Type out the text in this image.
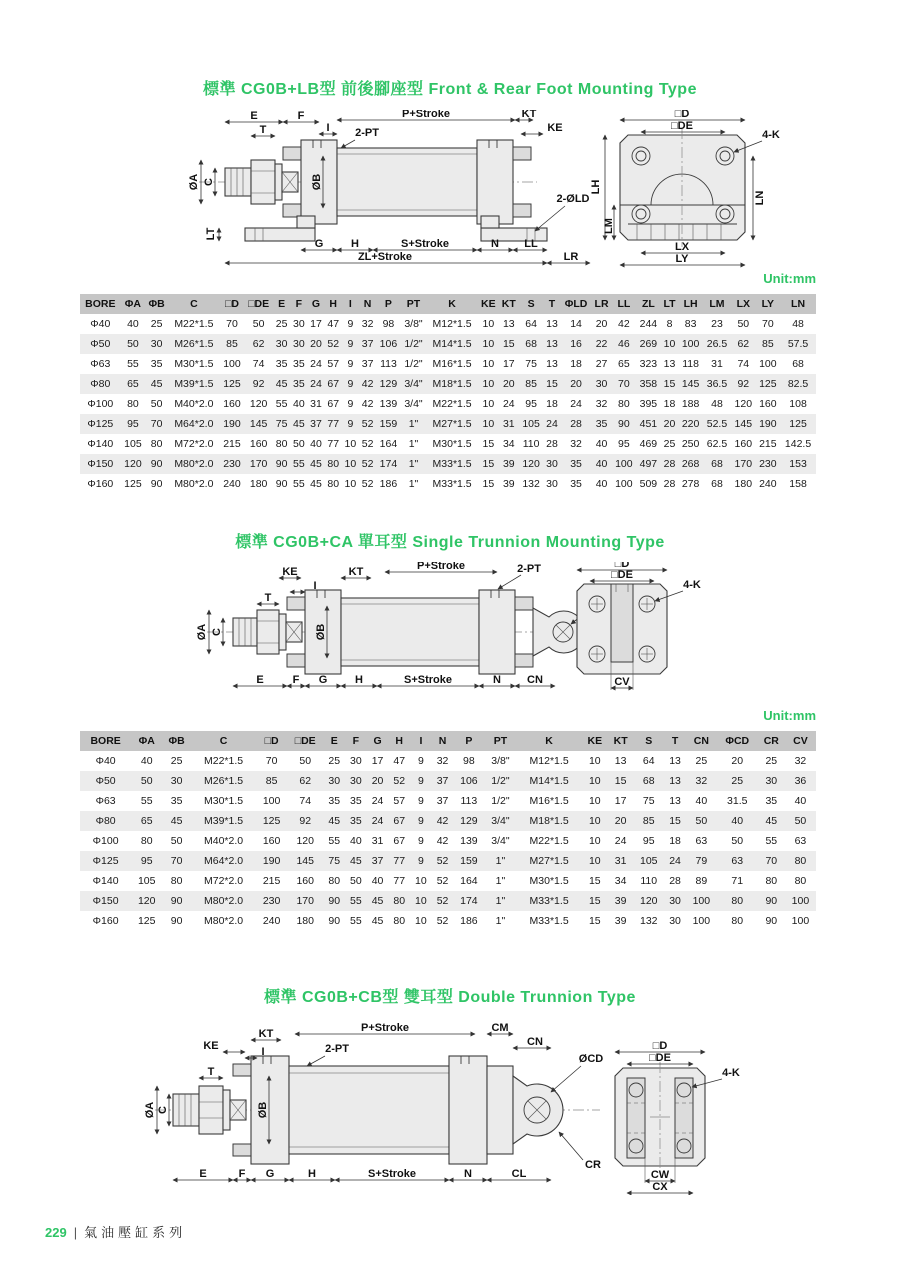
標準 CG0B+LB型 前後腳座型 Front & Rear Foot Mounting Type
E	F
I
T
P+Stroke	KT
KE
2-PT
ØA C	ØB
LT
2-ØLD
G	H	S+Stroke	N LL
ZL+Stroke	LR
□D
□DE
4-K
LH
LM
LN
LX
LY
Unit:mm
BORE	ΦA	ΦB	C	□D	□DE	E	F	G	H	I	N	P	PT	K	KE	KT	S	T	ΦLD	LR	LL	ZL	LT	LH	LM	LX	LY	LN
Φ40	40	25	M22*1.5	70	50	25	30	17	47	9	32	98	3/8"	M12*1.5	10	13	64	13	14	20	42	244	8	83	23	50	70	48
Φ50	50	30	M26*1.5	85	62	30	30	20	52	9	37	106	1/2"	M14*1.5	10	15	68	13	16	22	46	269	10	100	26.5	62	85	57.5
Φ63	55	35	M30*1.5	100	74	35	35	24	57	9	37	113	1/2"	M16*1.5	10	17	75	13	18	27	65	323	13	118	31	74	100	68
Φ80	65	45	M39*1.5	125	92	45	35	24	67	9	42	129	3/4"	M18*1.5	10	20	85	15	20	30	70	358	15	145	36.5	92	125	82.5
Φ100	80	50	M40*2.0	160	120	55	40	31	67	9	42	139	3/4"	M22*1.5	10	24	95	18	24	32	80	395	18	188	48	120	160	108
Φ125	95	70	M64*2.0	190	145	75	45	37	77	9	52	159	1"	M27*1.5	10	31	105	24	28	35	90	451	20	220	52.5	145	190	125
Φ140	105	80	M72*2.0	215	160	80	50	40	77	10	52	164	1"	M30*1.5	15	34	110	28	32	40	95	469	25	250	62.5	160	215	142.5
Φ150	120	90	M80*2.0	230	170	90	55	45	80	10	52	174	1"	M33*1.5	15	39	120	30	35	40	100	497	28	268	68	170	230	153
Φ160	125	90	M80*2.0	240	180	90	55	45	80	10	52	186	1"	M33*1.5	15	39	132	30	35	40	100	509	28	278	68	180	240	158
標準 CG0B+CA 單耳型 Single Trunnion Mounting Type
KE
I
T
KT	P+Stroke	2-PT
ØA C	ØB
E	F G	H	S+Stroke	N CN
□D
□DE
4-K
CV
Unit:mm
BORE	ΦA	ΦB	C	□D	□DE	E	F	G	H	I	N	P	PT	K	KE	KT	S	T	CN	ΦCD	CR	CV
Φ40	40	25	M22*1.5	70	50	25	30	17	47	9	32	98	3/8"	M12*1.5	10	13	64	13	25	20	25	32
Φ50	50	30	M26*1.5	85	62	30	30	20	52	9	37	106	1/2"	M14*1.5	10	15	68	13	32	25	30	36
Φ63	55	35	M30*1.5	100	74	35	35	24	57	9	37	113	1/2"	M16*1.5	10	17	75	13	40	31.5	35	40
Φ80	65	45	M39*1.5	125	92	45	35	24	67	9	42	129	3/4"	M18*1.5	10	20	85	15	50	40	45	50
Φ100	80	50	M40*2.0	160	120	55	40	31	67	9	42	139	3/4"	M22*1.5	10	24	95	18	63	50	55	63
Φ125	95	70	M64*2.0	190	145	75	45	37	77	9	52	159	1"	M27*1.5	10	31	105	24	79	63	70	80
Φ140	105	80	M72*2.0	215	160	80	50	40	77	10	52	164	1"	M30*1.5	15	34	110	28	89	71	80	80
Φ150	120	90	M80*2.0	230	170	90	55	45	80	10	52	174	1"	M33*1.5	15	39	120	30	100	80	90	100
Φ160	125	90	M80*2.0	240	180	90	55	45	80	10	52	186	1"	M33*1.5	15	39	132	30	100	80	90	100
標準 CG0B+CB型 雙耳型 Double Trunnion Type
KT
KE	I
T
P+Stroke
2-PT
CM
CN
ØA C	ØB
ØCD
CR
E	F G	H	S+Stroke	N	CL
□D
□DE
4-K
CW
CX
229 | 氣油壓缸系列
